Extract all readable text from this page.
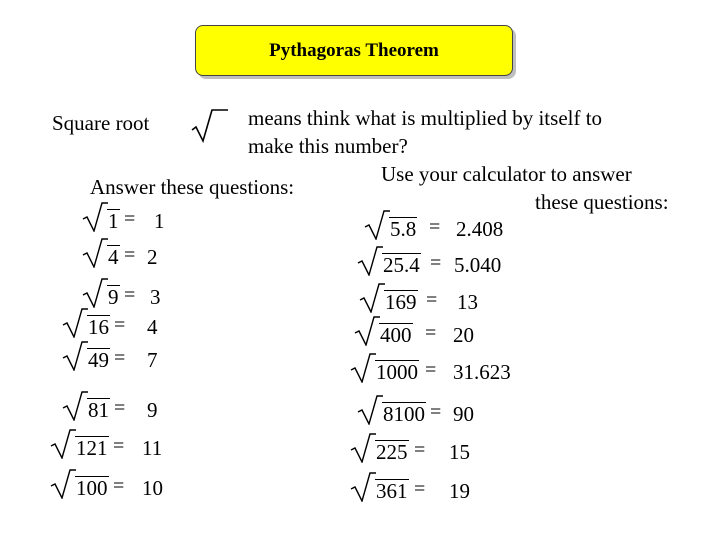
Pythagoras Theorem
Square root	means think what is multiplied by itself to
make this number?
Answer these questions:
Use your calculator to answer
these questions:
1 = 1
4 = 2
9 = 3
16 = 4
49 = 7
81 = 9
121 = 11
100 = 10
5.8 = 2.408
25.4 = 5.040
169 = 13
400 = 20
1000 = 31.623
8100 = 90
225 = 15
361 = 19
